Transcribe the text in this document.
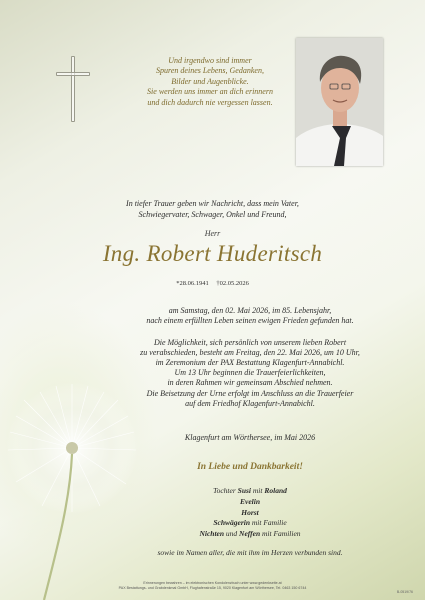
Und irgendwo sind immer
Spuren deines Lebens, Gedanken,
Bilder und Augenblicke.
Sie werden uns immer an dich erinnern
und dich dadurch nie vergessen lassen.
In tiefer Trauer geben wir Nachricht, dass mein Vater,
Schwiegervater, Schwager, Onkel und Freund,
Herr
Ing. Robert Huderitsch
*28.06.1941 †02.05.2026
am Samstag, den 02. Mai 2026, im 85. Lebensjahr,
nach einem erfüllten Leben seinen ewigen Frieden gefunden hat.
Die Möglichkeit, sich persönlich von unserem lieben Robert
zu verabschieden, besteht am Freitag, den 22. Mai 2026, um 10 Uhr,
im Zeremonium der PAX Bestattung Klagenfurt-Annabichl.
Um 13 Uhr beginnen die Trauerfeierlichkeiten,
in deren Rahmen wir gemeinsam Abschied nehmen.
Die Beisetzung der Urne erfolgt im Anschluss an die Trauerfeier
auf dem Friedhof Klagenfurt-Annabichl.
Klagenfurt am Wörthersee, im Mai 2026
In Liebe und Dankbarkeit!
Tochter Susi mit Roland
Evelin
Horst
Schwägerin mit Familie
Nichten und Neffen mit Familien
sowie im Namen aller, die mit ihm im Herzen verbunden sind.
Erinnerungen bewahren – im elektronischen Kondolenzbuch unter www.gedenkseite.at
PAX Bestattungs- und Grabdenkmal GmbH, Flughafenstraße 15, 9020 Klagenfurt am Wörthersee, Tel. 0463 150 6744
B-0519/76
